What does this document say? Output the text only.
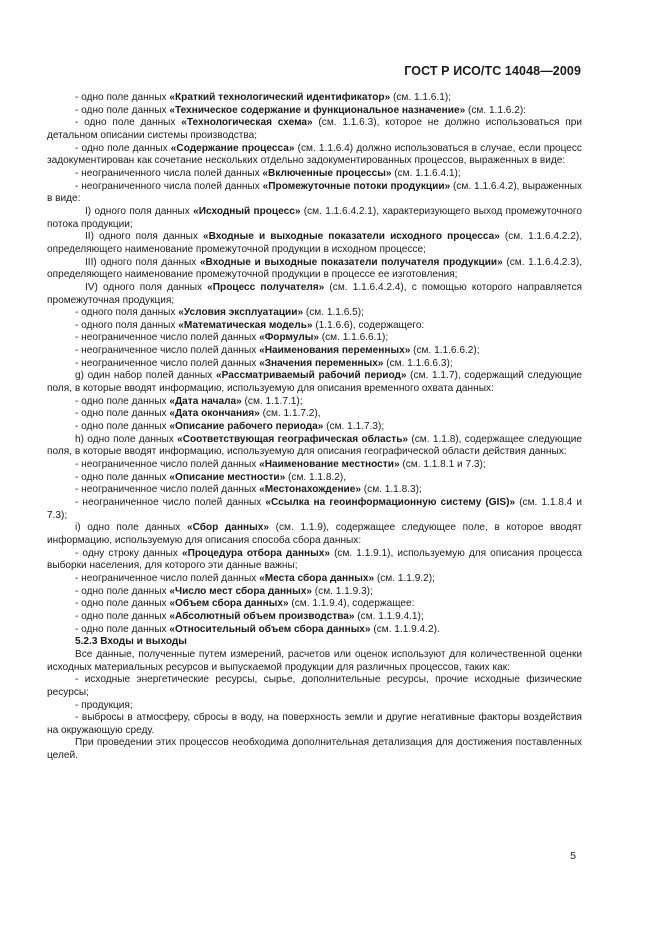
ГОСТ Р ИСО/ТС 14048—2009

- одно поле данных «Краткий технологический идентификатор» (см. 1.1.6.1);

- одно поле данных «Техническое содержание и функциональное назначение» (см. 1.1.6.2):

- одно поле данных «Технологическая схема» (см. 1.1.6.3), которое не должно использоваться при детальном описании системы производства;

- одно поле данных «Содержание процесса» (см. 1.1.6.4) должно использоваться в случае, если процесс задокументирован как сочетание нескольких отдельно задокументированных процессов, выраженных в виде:

- неограниченного числа полей данных «Включенные процессы» (см. 1.1.6.4.1);

- неограниченного числа полей данных «Промежуточные потоки продукции» (см. 1.1.6.4.2), выраженных в виде:

I) одного поля данных «Исходный процесс» (см. 1.1.6.4.2.1), характеризующего выход промежуточного потока продукции;

II) одного поля данных «Входные и выходные показатели исходного процесса» (см. 1.1.6.4.2.2), определяющего наименование промежуточной продукции в исходном процессе;

III) одного поля данных «Входные и выходные показатели получателя продукции» (см. 1.1.6.4.2.3), определяющего наименование промежуточной продукции в процессе ее изготовления;

IV) одного поля данных «Процесс получателя» (см. 1.1.6.4.2.4), с помощью которого направляется промежуточная продукция;

- одного поля данных «Условия эксплуатации» (см. 1.1.6.5);

- одного поля данных «Математическая модель» (1.1.6.6), содержащего:

- неограниченное число полей данных «Формулы» (см. 1.1.6.6.1);

- неограниченное число полей данных «Наименования переменных» (см. 1.1.6.6.2);

- неограниченное число полей данных «Значения переменных» (см. 1.1.6.6.3);

g) один набор полей данных «Рассматриваемый рабочий период» (см. 1.1.7), содержащий следующие поля, в которые вводят информацию, используемую для описания временного охвата данных:

- одно поле данных «Дата начала» (см. 1.1.7.1);

- одно поле данных «Дата окончания» (см. 1.1.7.2),

- одно поле данных «Описание рабочего периода» (см. 1.1.7.3);

h) одно поле данных «Соответствующая географическая область» (см. 1.1.8), содержащее следующие поля, в которые вводят информацию, используемую для описания географической области действия данных:

- неограниченное число полей данных «Наименование местности» (см. 1.1.8.1 и 7.3);

- одно поле данных «Описание местности» (см. 1.1.8.2),

- неограниченное число полей данных «Местонахождение» (см. 1.1.8.3);

- неограниченное число полей данных «Ссылка на геоинформационную систему (GIS)» (см. 1.1.8.4 и 7.3);

i) одно поле данных «Сбор данных» (см. 1.1.9), содержащее следующее поле, в которое вводят информацию, используемую для описания способа сбора данных:

- одну строку данных «Процедура отбора данных» (см. 1.1.9.1), используемую для описания процесса выборки населения, для которого эти данные важны;

- неограниченное число полей данных «Места сбора данных» (см. 1.1.9.2);

- одно поле данных «Число мест сбора данных» (см. 1.1.9.3);

- одно поле данных «Объем сбора данных» (см. 1.1.9.4), содержащее:

- одно поле данных «Абсолютный объем производства» (см. 1.1.9.4.1);

- одно поле данных «Относительный объем сбора данных» (см. 1.1.9.4.2).

5.2.3 Входы и выходы

Все данные, полученные путем измерений, расчетов или оценок используют для количественной оценки исходных материальных ресурсов и выпускаемой продукции для различных процессов, таких как:

- исходные энергетические ресурсы, сырье, дополнительные ресурсы, прочие исходные физические ресурсы;

- продукция;

- выбросы в атмосферу, сбросы в воду, на поверхность земли и другие негативные факторы воздействия на окружающую среду.

При проведении этих процессов необходима дополнительная детализация для достижения поставленных целей.

5
